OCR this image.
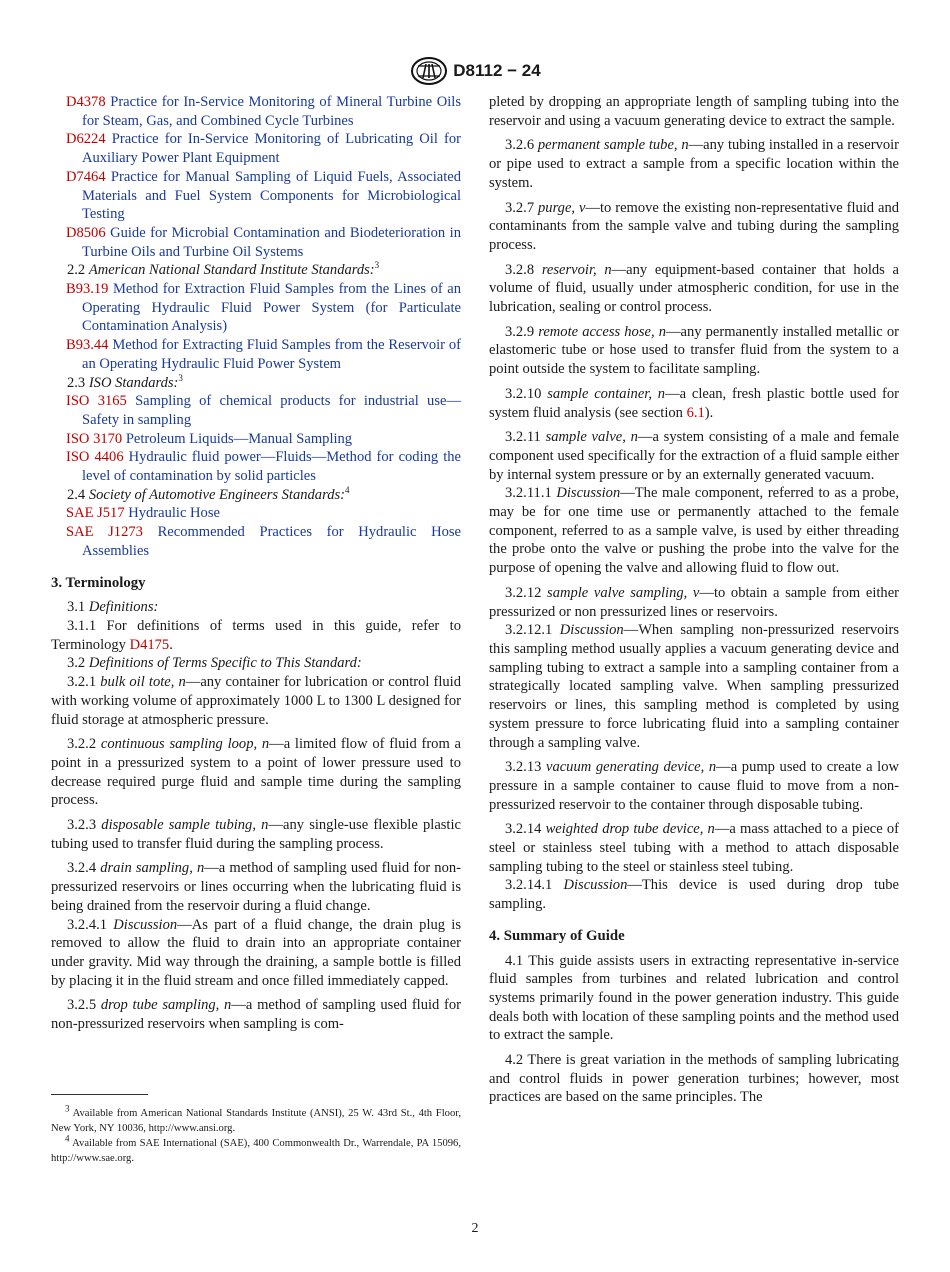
D8112 − 24

D4378 Practice for In-Service Monitoring of Mineral Turbine Oils for Steam, Gas, and Combined Cycle Turbines

D6224 Practice for In-Service Monitoring of Lubricating Oil for Auxiliary Power Plant Equipment

D7464 Practice for Manual Sampling of Liquid Fuels, Associated Materials and Fuel System Components for Microbiological Testing

D8506 Guide for Microbial Contamination and Biodeterioration in Turbine Oils and Turbine Oil Systems

2.2 American National Standard Institute Standards:$^3$

B93.19 Method for Extraction Fluid Samples from the Lines of an Operating Hydraulic Fluid Power System (for Particulate Contamination Analysis)

B93.44 Method for Extracting Fluid Samples from the Reservoir of an Operating Hydraulic Fluid Power System

2.3 ISO Standards:$^3$

ISO 3165 Sampling of chemical products for industrial use—Safety in sampling

ISO 3170 Petroleum Liquids—Manual Sampling

ISO 4406 Hydraulic fluid power—Fluids—Method for coding the level of contamination by solid particles

2.4 Society of Automotive Engineers Standards:$^4$

SAE J517 Hydraulic Hose

SAE J1273 Recommended Practices for Hydraulic Hose Assemblies

3. Terminology

3.1 Definitions:

3.1.1 For definitions of terms used in this guide, refer to Terminology D4175.

3.2 Definitions of Terms Specific to This Standard:

3.2.1 bulk oil tote, n—any container for lubrication or control fluid with working volume of approximately 1000 L to 1300 L designed for fluid storage at atmospheric pressure.

3.2.2 continuous sampling loop, n—a limited flow of fluid from a point in a pressurized system to a point of lower pressure used to decrease required purge fluid and sample time during the sampling process.

3.2.3 disposable sample tubing, n—any single-use flexible plastic tubing used to transfer fluid during the sampling process.

3.2.4 drain sampling, n—a method of sampling used fluid for non-pressurized reservoirs or lines occurring when the lubricating fluid is being drained from the reservoir during a fluid change.

3.2.4.1 Discussion—As part of a fluid change, the drain plug is removed to allow the fluid to drain into an appropriate container under gravity. Mid way through the draining, a sample bottle is filled by placing it in the fluid stream and once filled immediately capped.

3.2.5 drop tube sampling, n—a method of sampling used fluid for non-pressurized reservoirs when sampling is com-

$^3$ Available from American National Standards Institute (ANSI), 25 W. 43rd St., 4th Floor, New York, NY 10036, http://www.ansi.org.

$^4$ Available from SAE International (SAE), 400 Commonwealth Dr., Warrendale, PA 15096, http://www.sae.org.

pleted by dropping an appropriate length of sampling tubing into the reservoir and using a vacuum generating device to extract the sample.

3.2.6 permanent sample tube, n—any tubing installed in a reservoir or pipe used to extract a sample from a specific location within the system.

3.2.7 purge, v—to remove the existing non-representative fluid and contaminants from the sample valve and tubing during the sampling process.

3.2.8 reservoir, n—any equipment-based container that holds a volume of fluid, usually under atmospheric condition, for use in the lubrication, sealing or control process.

3.2.9 remote access hose, n—any permanently installed metallic or elastomeric tube or hose used to transfer fluid from the system to a point outside the system to facilitate sampling.

3.2.10 sample container, n—a clean, fresh plastic bottle used for system fluid analysis (see section 6.1).

3.2.11 sample valve, n—a system consisting of a male and female component used specifically for the extraction of a fluid sample either by internal system pressure or by an externally generated vacuum.

3.2.11.1 Discussion—The male component, referred to as a probe, may be for one time use or permanently attached to the female component, referred to as a sample valve, is used by either threading the probe onto the valve or pushing the probe into the valve for the purpose of opening the valve and allowing fluid to flow out.

3.2.12 sample valve sampling, v—to obtain a sample from either pressurized or non pressurized lines or reservoirs.

3.2.12.1 Discussion—When sampling non-pressurized reservoirs this sampling method usually applies a vacuum generating device and sampling tubing to extract a sample into a sampling container from a strategically located sampling valve. When sampling pressurized reservoirs or lines, this sampling method is completed by using system pressure to force lubricating fluid into a sampling container through a sampling valve.

3.2.13 vacuum generating device, n—a pump used to create a low pressure in a sample container to cause fluid to move from a non-pressurized reservoir to the container through disposable tubing.

3.2.14 weighted drop tube device, n—a mass attached to a piece of steel or stainless steel tubing with a method to attach disposable sampling tubing to the steel or stainless steel tubing.

3.2.14.1 Discussion—This device is used during drop tube sampling.

4. Summary of Guide

4.1 This guide assists users in extracting representative in-service fluid samples from turbines and related lubrication and control systems primarily found in the power generation industry. This guide deals both with location of these sampling points and the method used to extract the sample.

4.2 There is great variation in the methods of sampling lubricating and control fluids in power generation turbines; however, most practices are based on the same principles. The

2
